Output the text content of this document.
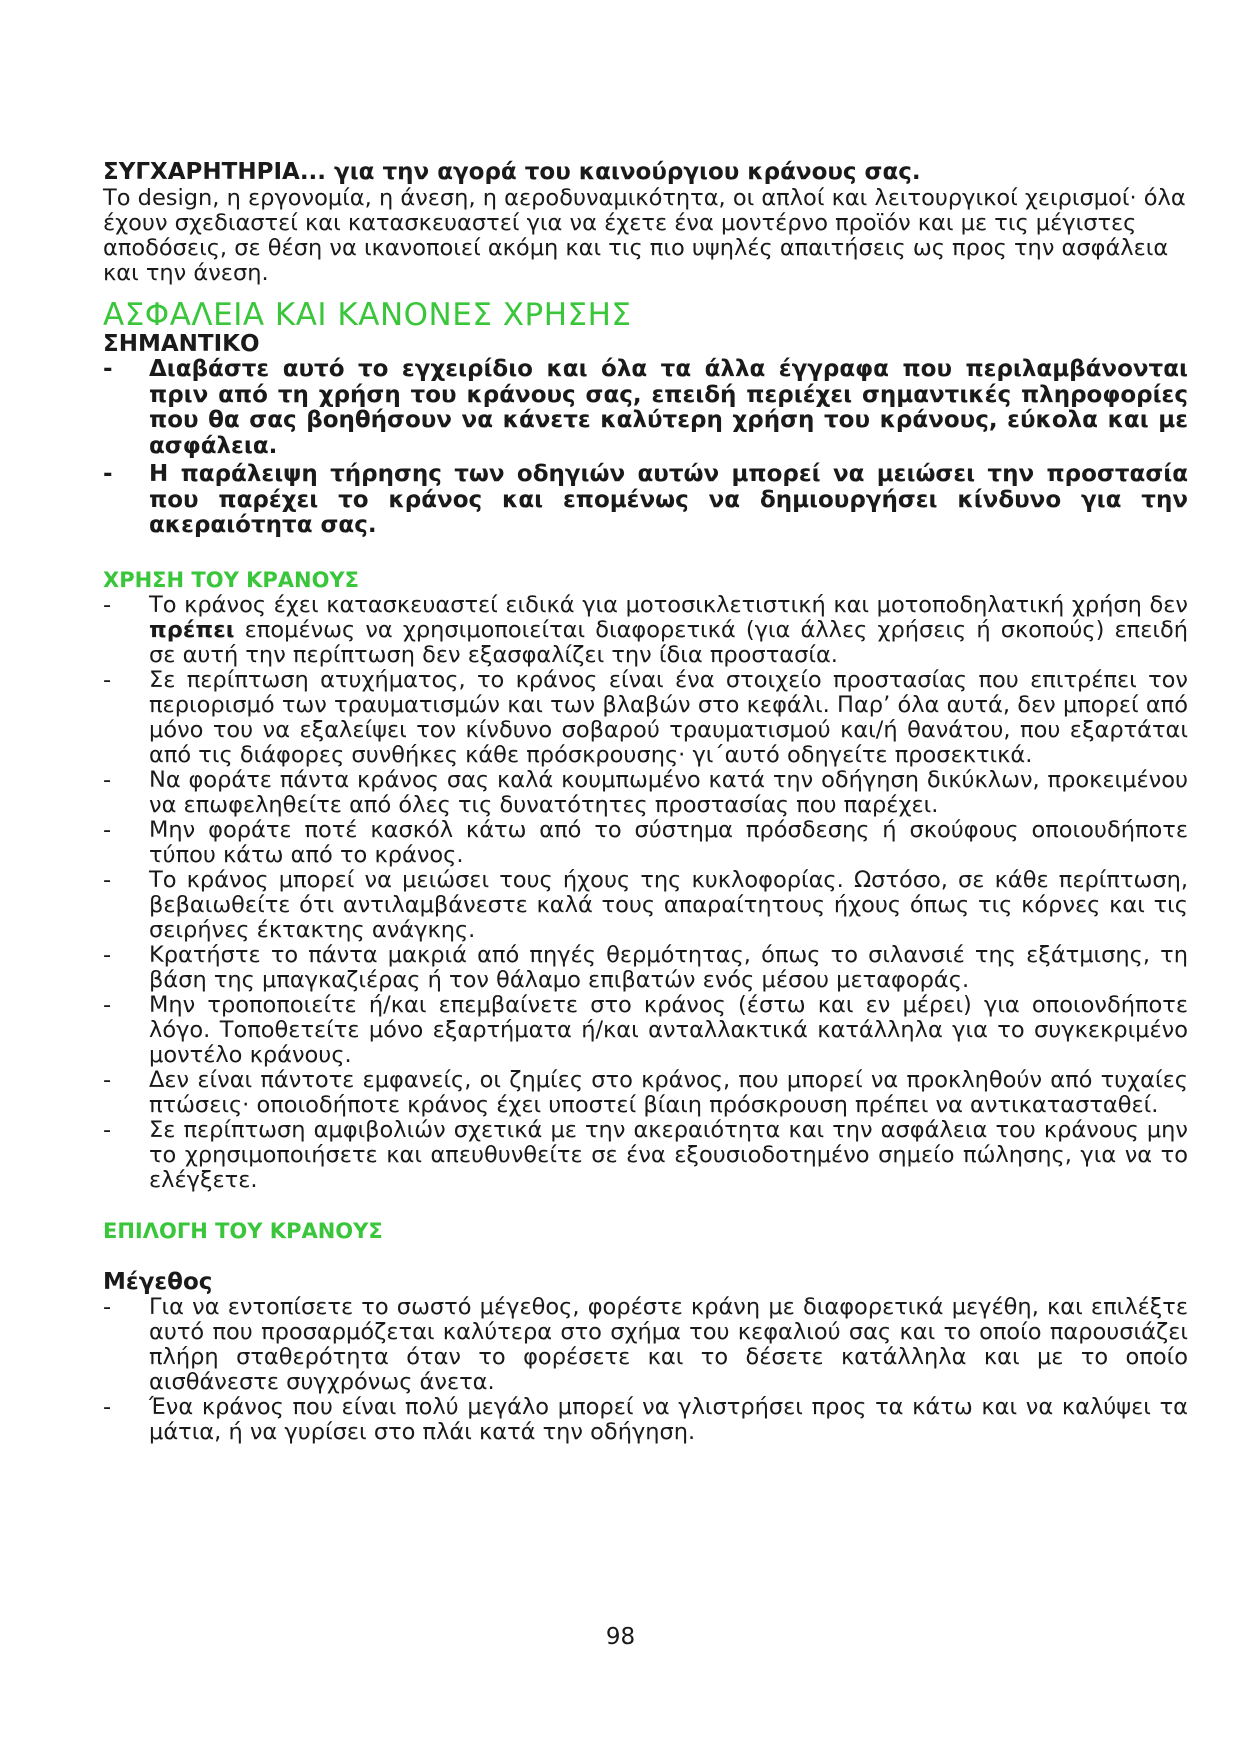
ΣΥΓΧΑΡΗΤΗΡΙΑ... για την αγορά του καινούργιου κράνους σας.

Το design, η εργονομία, η άνεση, η αεροδυναμικότητα, οι απλοί και λειτουργικοί χειρισμοί· όλα έχουν σχεδιαστεί και κατασκευαστεί για να έχετε ένα μοντέρνο προϊόν και με τις μέγιστες αποδόσεις, σε θέση να ικανοποιεί ακόμη και τις πιο υψηλές απαιτήσεις ως προς την ασφάλεια και την άνεση.

ΑΣΦΑΛΕΙΑ ΚΑΙ ΚΑΝΟΝΕΣ ΧΡΗΣΗΣ

ΣΗΜΑΝΤΙΚΟ

- Διαβάστε αυτό το εγχειρίδιο και όλα τα άλλα έγγραφα που περιλαμβάνονται πριν από τη χρήση του κράνους σας, επειδή περιέχει σημαντικές πληροφορίες που θα σας βοηθήσουν να κάνετε καλύτερη χρήση του κράνους, εύκολα και με ασφάλεια.
- Η παράλειψη τήρησης των οδηγιών αυτών μπορεί να μειώσει την προστασία που παρέχει το κράνος και επομένως να δημιουργήσει κίνδυνο για την ακεραιότητα σας.
ΧΡΗΣΗ ΤΟΥ ΚΡΑΝΟΥΣ
- Το κράνος έχει κατασκευαστεί ειδικά για μοτοσικλετιστική και μοτοποδηλατική χρήση δεν πρέπει επομένως να χρησιμοποιείται διαφορετικά (για άλλες χρήσεις ή σκοπούς) επειδή σε αυτή την περίπτωση δεν εξασφαλίζει την ίδια προστασία.
- Σε περίπτωση ατυχήματος, το κράνος είναι ένα στοιχείο προστασίας που επιτρέπει τον περιορισμό των τραυματισμών και των βλαβών στο κεφάλι. Παρ’ όλα αυτά, δεν μπορεί από μόνο του να εξαλείψει τον κίνδυνο σοβαρού τραυματισμού και/ή θανάτου, που εξαρτάται από τις διάφορες συνθήκες κάθε πρόσκρουσης· γι΄αυτό οδηγείτε προσεκτικά.
- Να φοράτε πάντα κράνος σας καλά κουμπωμένο κατά την οδήγηση δικύκλων, προκειμένου να επωφεληθείτε από όλες τις δυνατότητες προστασίας που παρέχει.
- Μην φοράτε ποτέ κασκόλ κάτω από το σύστημα πρόσδεσης ή σκούφους οποιουδήποτε τύπου κάτω από το κράνος.
- Το κράνος μπορεί να μειώσει τους ήχους της κυκλοφορίας. Ωστόσο, σε κάθε περίπτωση, βεβαιωθείτε ότι αντιλαμβάνεστε καλά τους απαραίτητους ήχους όπως τις κόρνες και τις σειρήνες έκτακτης ανάγκης.
- Κρατήστε το πάντα μακριά από πηγές θερμότητας, όπως το σιλανσιέ της εξάτμισης, τη βάση της μπαγκαζιέρας ή τον θάλαμο επιβατών ενός μέσου μεταφοράς.
- Μην τροποποιείτε ή/και επεμβαίνετε στο κράνος (έστω και εν μέρει) για οποιονδήποτε λόγο. Τοποθετείτε μόνο εξαρτήματα ή/και ανταλλακτικά κατάλληλα για το συγκεκριμένο μοντέλο κράνους.
- Δεν είναι πάντοτε εμφανείς, οι ζημίες στο κράνος, που μπορεί να προκληθούν από τυχαίες πτώσεις· οποιοδήποτε κράνος έχει υποστεί βίαιη πρόσκρουση πρέπει να αντικατασταθεί.
- Σε περίπτωση αμφιβολιών σχετικά με την ακεραιότητα και την ασφάλεια του κράνους μην το χρησιμοποιήσετε και απευθυνθείτε σε ένα εξουσιοδοτημένο σημείο πώλησης, για να το ελέγξετε.
ΕΠΙΛΟΓΗ ΤΟΥ ΚΡΑΝΟΥΣ

Μέγεθος

- Για να εντοπίσετε το σωστό μέγεθος, φορέστε κράνη με διαφορετικά μεγέθη, και επιλέξτε αυτό που προσαρμόζεται καλύτερα στο σχήμα του κεφαλιού σας και το οποίο παρουσιάζει πλήρη σταθερότητα όταν το φορέσετε και το δέσετε κατάλληλα και με το οποίο αισθάνεστε συγχρόνως άνετα.
- Ένα κράνος που είναι πολύ μεγάλο μπορεί να γλιστρήσει προς τα κάτω και να καλύψει τα μάτια, ή να γυρίσει στο πλάι κατά την οδήγηση.
98
